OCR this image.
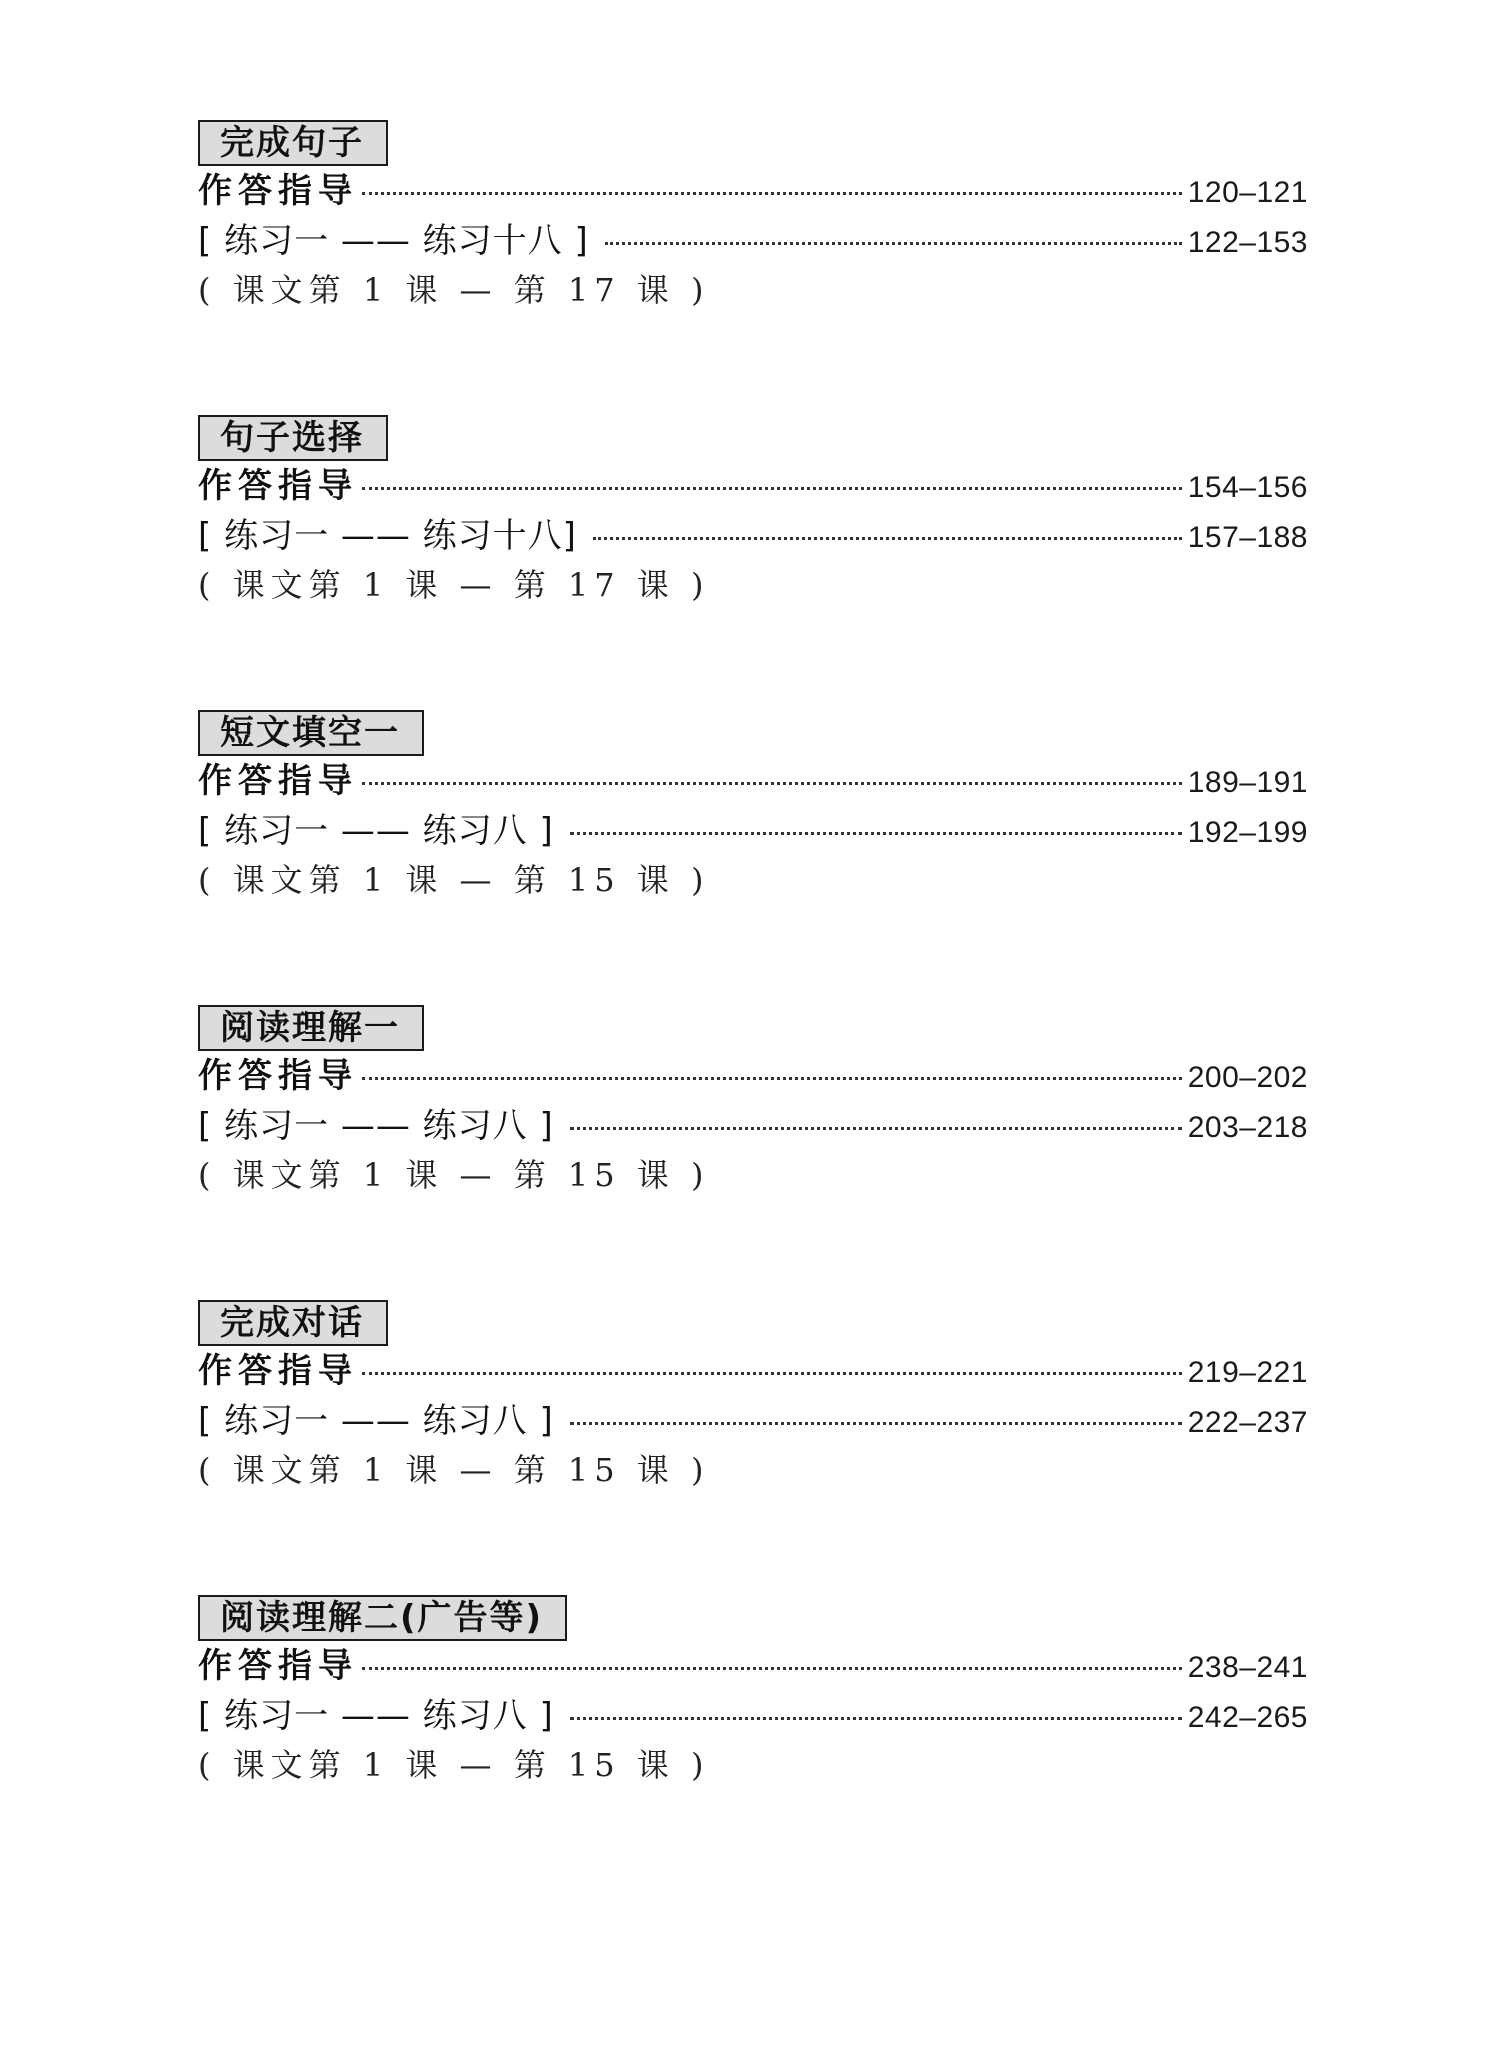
完成句子
作答指导	120–121
[ 练习一 —— 练习十八 ]	122–153
( 课文第 1 课 — 第 17 课 )
句子选择
作答指导	154–156
[ 练习一 —— 练习十八]	157–188
( 课文第 1 课 — 第 17 课 )
短文填空一
作答指导	189–191
[ 练习一 —— 练习八 ]	192–199
( 课文第 1 课 — 第 15 课 )
阅读理解一
作答指导	200–202
[ 练习一 —— 练习八 ]	203–218
( 课文第 1 课 — 第 15 课 )
完成对话
作答指导	219–221
[ 练习一 —— 练习八 ]	222–237
( 课文第 1 课 — 第 15 课 )
阅读理解二(广告等)
作答指导	238–241
[ 练习一 —— 练习八 ]	242–265
( 课文第 1 课 — 第 15 课 )
